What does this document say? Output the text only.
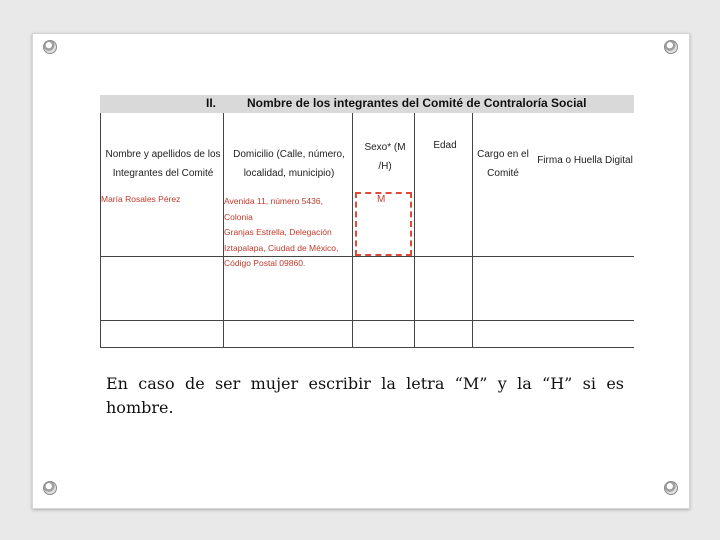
II.	Nombre de los integrantes del Comité de Contraloría Social
Nombre y apellidos de los Integrantes del Comité
Domicilio (Calle, número, localidad, municipio)
Sexo* (M /H)
Edad
Cargo en el Comité
Firma o Huella Digital
María Rosales Pérez	Avenida 11, número 5436, Colonia
Granjas Estrella, Delegación
Iztapalapa, Ciudad de México,
Código Postal 09860.
M
En caso de ser mujer escribir la letra “M” y la “H” si es hombre.
